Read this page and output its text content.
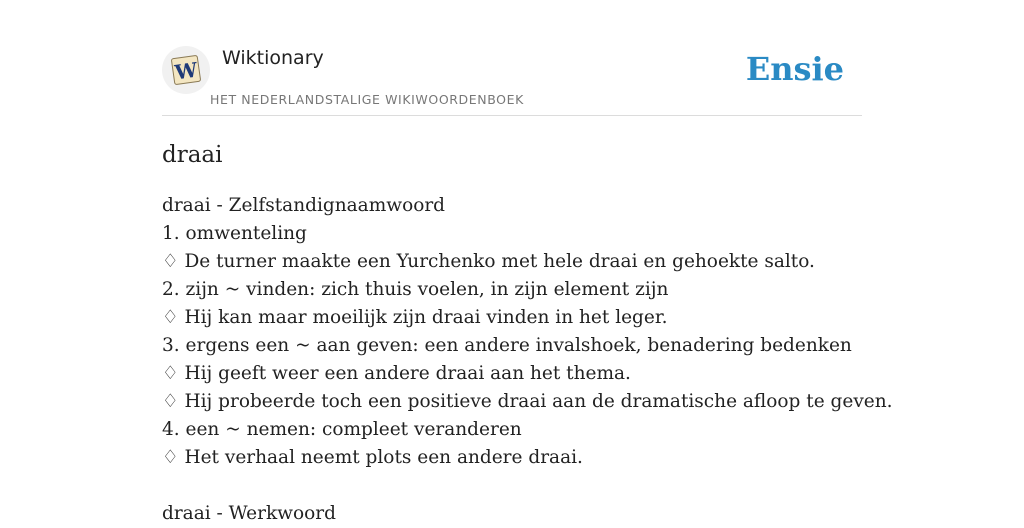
W Wiktionary
HET NEDERLANDSTALIGE WIKIWOORDENBOEK
Ensie
draai
draai - Zelfstandignaamwoord
1. omwenteling
♢ De turner maakte een Yurchenko met hele draai en gehoekte salto.
2. zijn ~ vinden: zich thuis voelen, in zijn element zijn
♢ Hij kan maar moeilijk zijn draai vinden in het leger.
3. ergens een ~ aan geven: een andere invalshoek, benadering bedenken
♢ Hij geeft weer een andere draai aan het thema.
♢ Hij probeerde toch een positieve draai aan de dramatische afloop te geven.
4. een ~ nemen: compleet veranderen
♢ Het verhaal neemt plots een andere draai.
draai - Werkwoord
